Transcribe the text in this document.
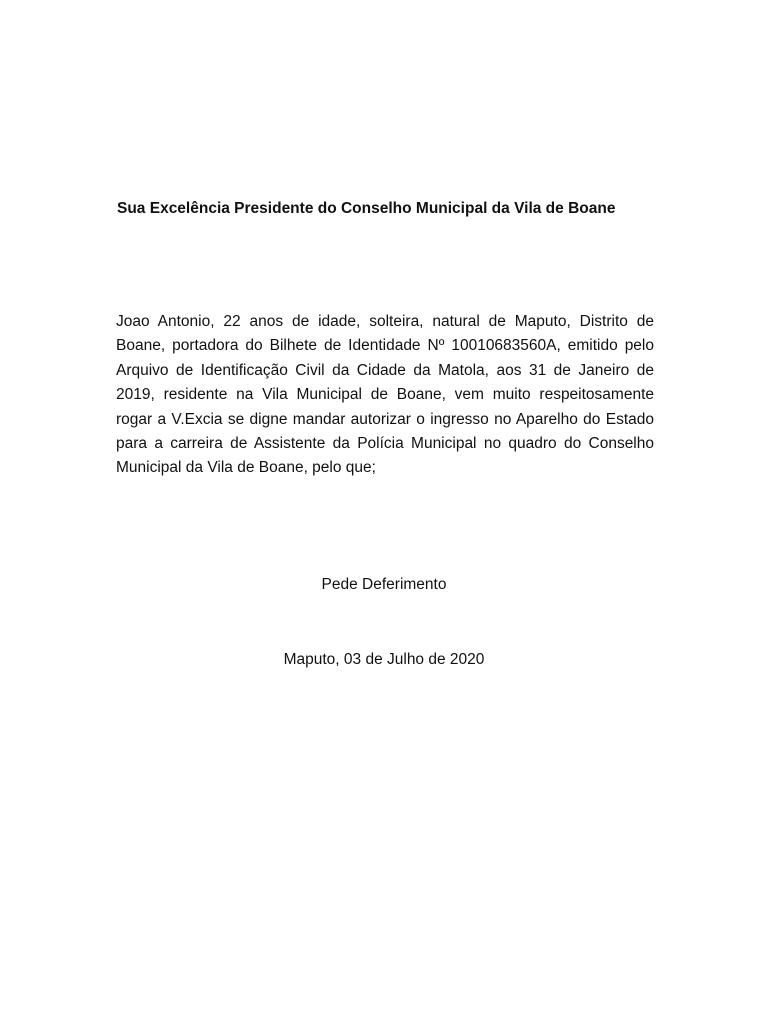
Sua Excelência Presidente do Conselho Municipal da Vila de Boane
Joao Antonio, 22 anos de idade, solteira, natural de Maputo, Distrito de Boane, portadora do Bilhete de Identidade Nº 10010683560A, emitido pelo Arquivo de Identificação Civil da Cidade da Matola, aos 31 de Janeiro de 2019, residente na Vila Municipal de Boane, vem muito respeitosamente rogar a V.Excia se digne mandar autorizar o ingresso no Aparelho do Estado para a carreira de Assistente da Polícia Municipal no quadro do Conselho Municipal da Vila de Boane, pelo que;
Pede Deferimento
Maputo, 03 de Julho de 2020
